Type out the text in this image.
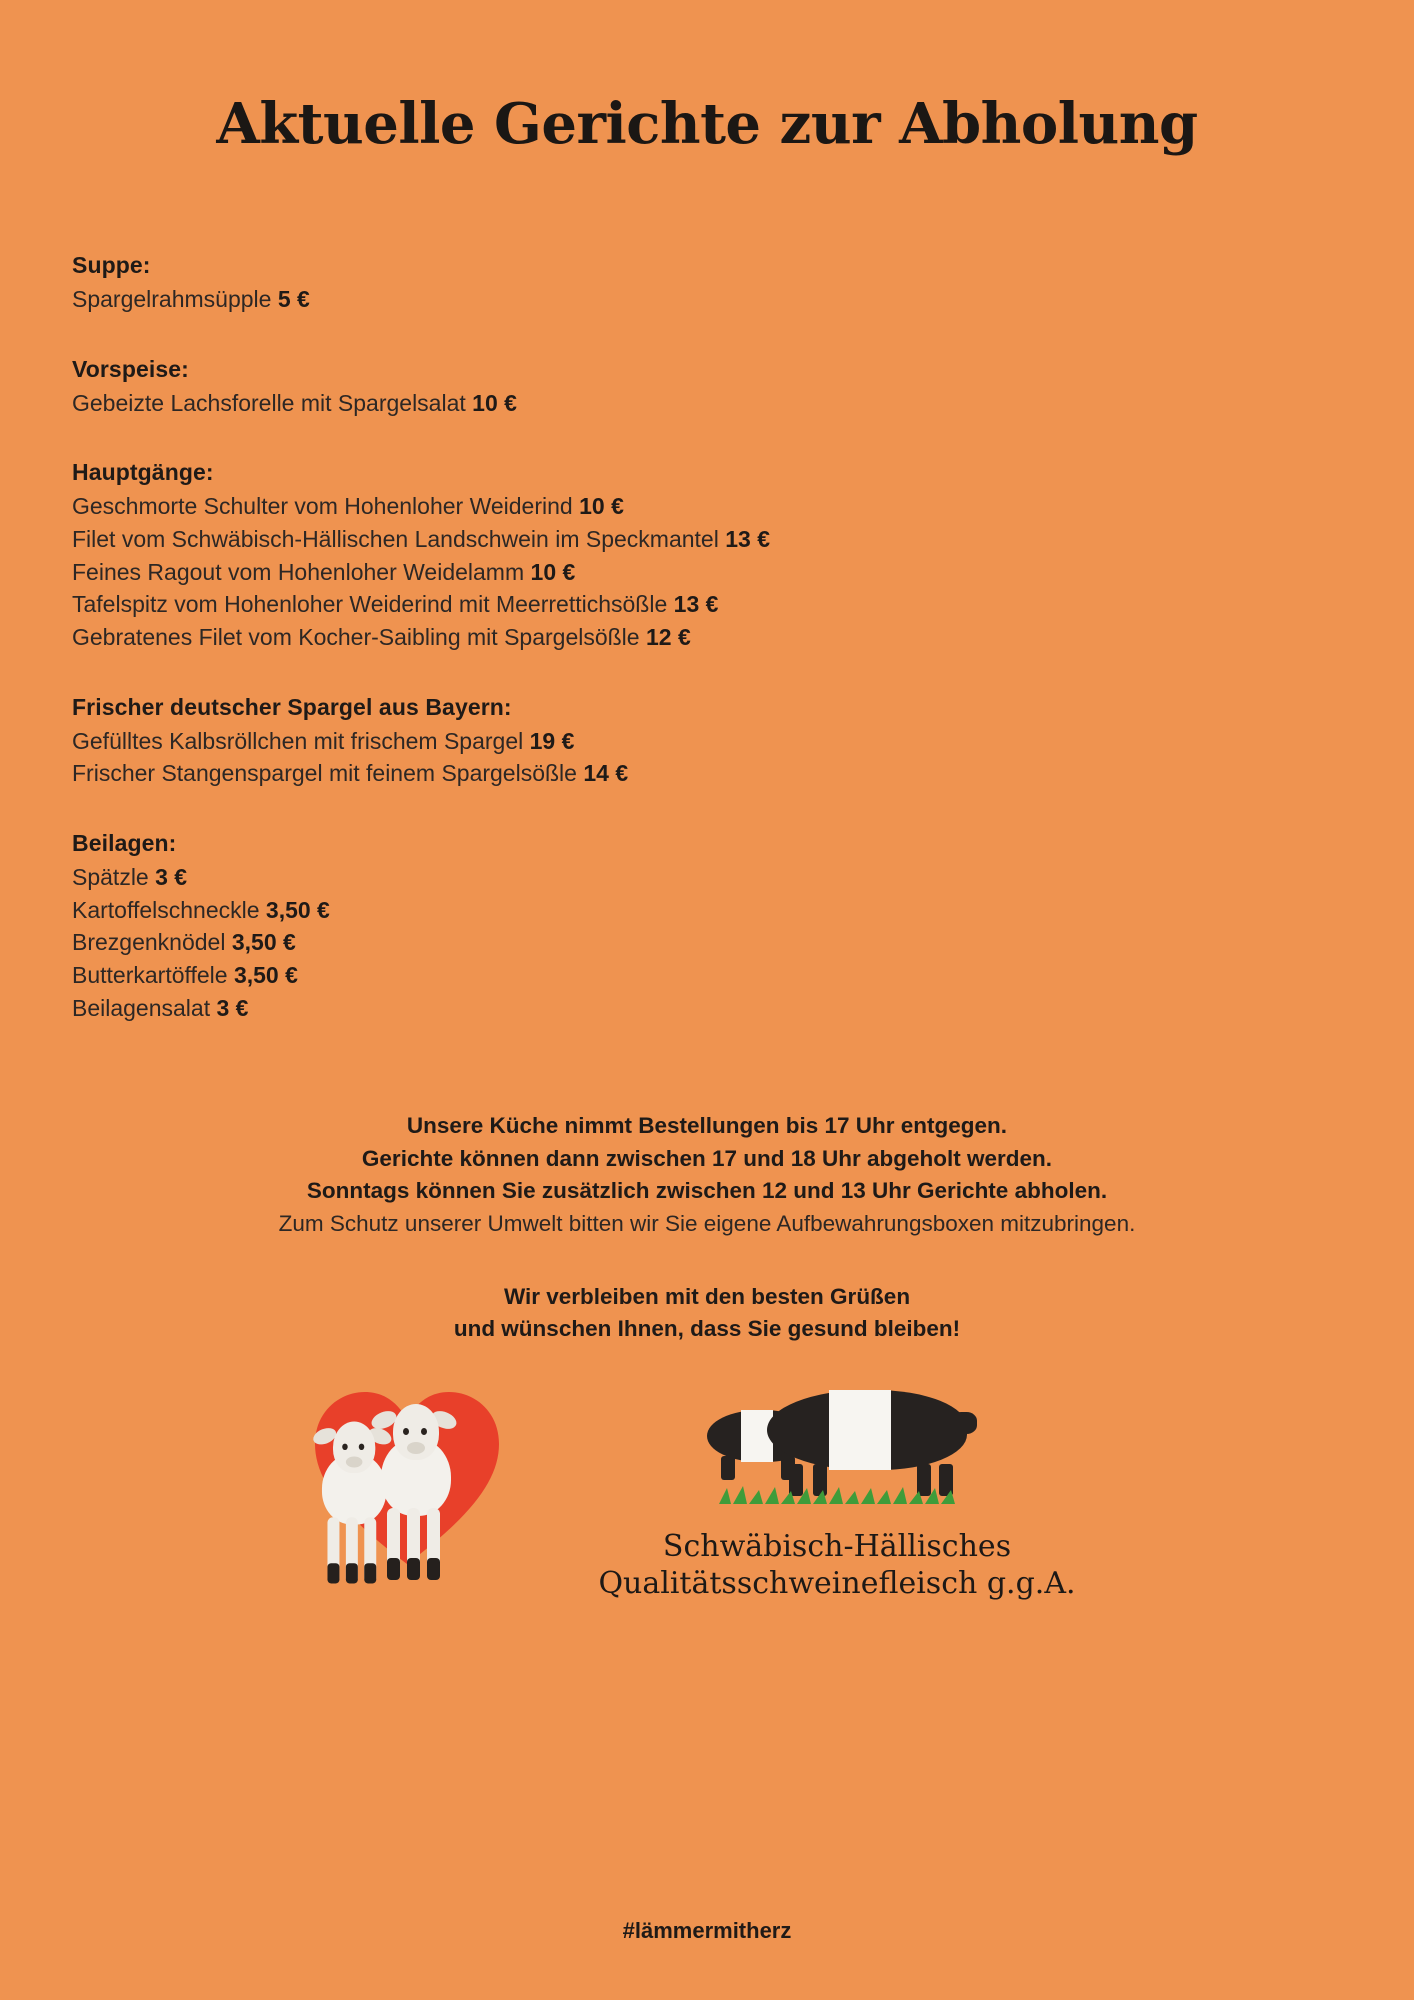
Aktuelle Gerichte zur Abholung
Suppe:
Spargelrahmsüpple 5 €
Vorspeise:
Gebeizte Lachsforelle mit Spargelsalat 10 €
Hauptgänge:
Geschmorte Schulter vom Hohenloher Weiderind 10 €
Filet vom Schwäbisch-Hällischen Landschwein im Speckmantel 13 €
Feines Ragout vom Hohenloher Weidelamm 10 €
Tafelspitz vom Hohenloher Weiderind mit Meerrettichsößle 13 €
Gebratenes Filet vom Kocher-Saibling mit Spargelsößle 12 €
Frischer deutscher Spargel aus Bayern:
Gefülltes Kalbsröllchen mit frischem Spargel 19 €
Frischer Stangenspargel mit feinem Spargelsößle 14 €
Beilagen:
Spätzle 3 €
Kartoffelschneckle 3,50 €
Brezgenknödel 3,50 €
Butterkartöffele 3,50 €
Beilagensalat 3 €
Unsere Küche nimmt Bestellungen bis 17 Uhr entgegen.
Gerichte können dann zwischen 17 und 18 Uhr abgeholt werden.
Sonntags können Sie zusätzlich zwischen 12 und 13 Uhr Gerichte abholen.
Zum Schutz unserer Umwelt bitten wir Sie eigene Aufbewahrungsboxen mitzubringen.
Wir verbleiben mit den besten Grüßen
und wünschen Ihnen, dass Sie gesund bleiben!
Schwäbisch-Hällisches
Qualitätsschweinefleisch g.g.A.
#lämmermitherz
